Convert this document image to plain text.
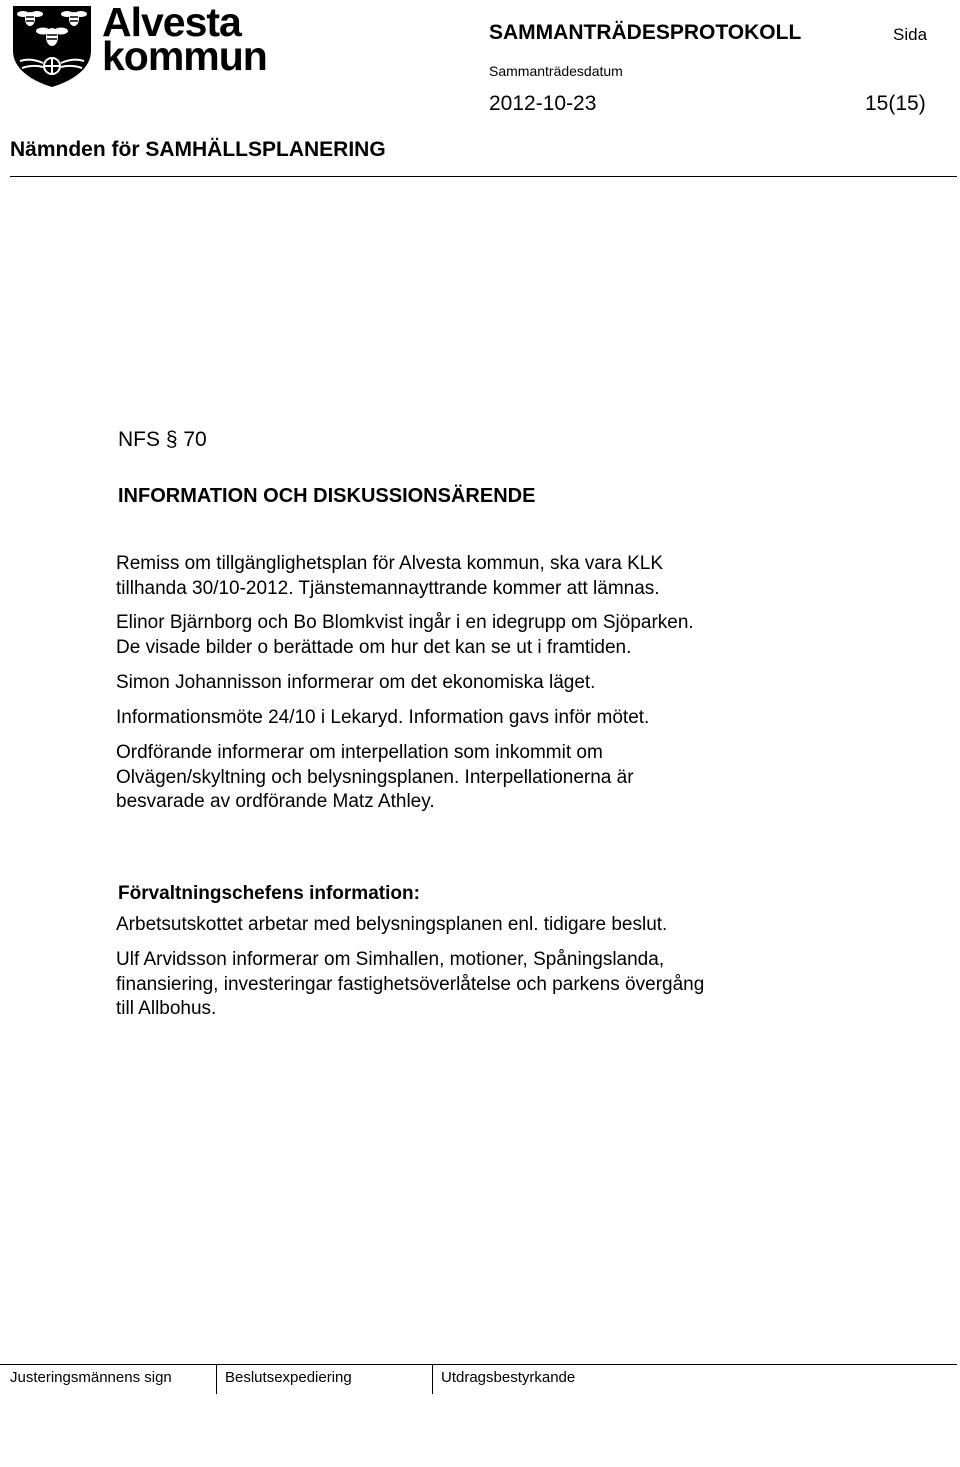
Alvesta
kommun
SAMMANTRÄDESPROTOKOLL	Sida
Sammanträdesdatum
2012-10-23	15(15)
Nämnden för SAMHÄLLSPLANERING
NFS § 70
INFORMATION OCH DISKUSSIONSÄRENDE
Remiss om tillgänglighetsplan för Alvesta kommun, ska vara KLK
tillhanda 30/10-2012. Tjänstemannayttrande kommer att lämnas.
Elinor Bjärnborg och Bo Blomkvist ingår i en idegrupp om Sjöparken.
De visade bilder o berättade om hur det kan se ut i framtiden.
Simon Johannisson informerar om det ekonomiska läget.
Informationsmöte 24/10 i Lekaryd. Information gavs inför mötet.
Ordförande informerar om interpellation som inkommit om
Olvägen/skyltning och belysningsplanen. Interpellationerna är
besvarade av ordförande Matz Athley.
Förvaltningschefens information:
Arbetsutskottet arbetar med belysningsplanen enl. tidigare beslut.
Ulf Arvidsson informerar om Simhallen, motioner, Spåningslanda,
finansiering, investeringar fastighetsöverlåtelse och parkens övergång
till Allbohus.
Justeringsmännens sign	Beslutsexpediering	Utdragsbestyrkande
